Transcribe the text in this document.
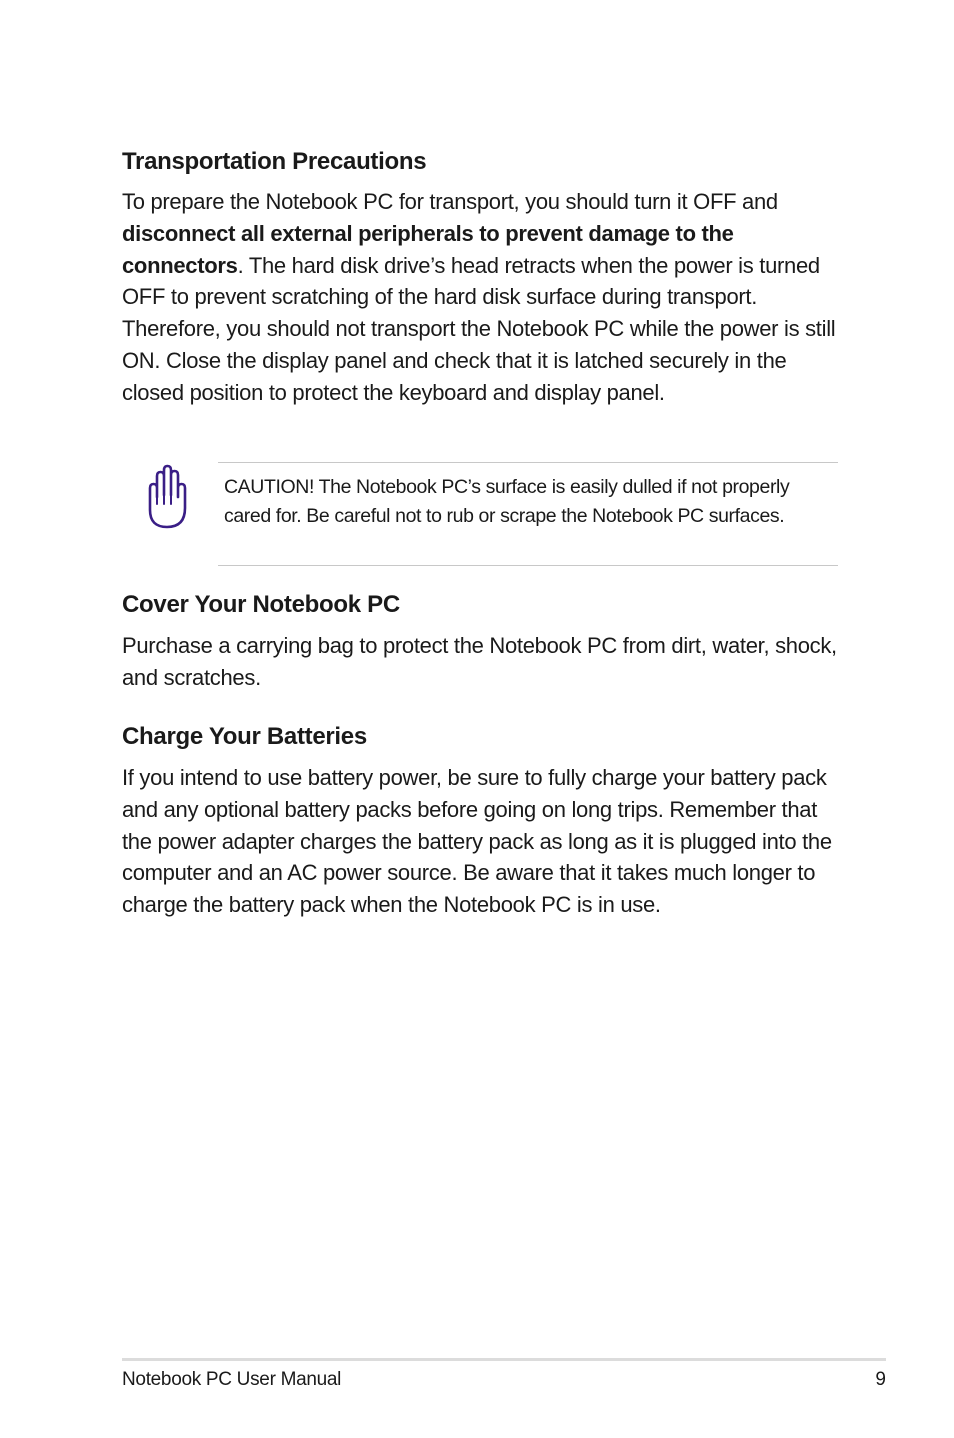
Transportation Precautions

To prepare the Notebook PC for transport, you should turn it OFF and disconnect all external peripherals to prevent damage to the connectors. The hard disk drive’s head retracts when the power is turned OFF to prevent scratching of the hard disk surface during transport. Therefore, you should not transport the Notebook PC while the power is still ON. Close the display panel and check that it is latched securely in the closed position to protect the keyboard and display panel.

CAUTION! The Notebook PC’s surface is easily dulled if not properly cared for. Be careful not to rub or scrape the Notebook PC surfaces.

Cover Your Notebook PC

Purchase a carrying bag to protect the Notebook PC from dirt, water, shock, and scratches.

Charge Your Batteries

If you intend to use battery power, be sure to fully charge your battery pack and any optional battery packs before going on long trips. Remember that the power adapter charges the battery pack as long as it is plugged into the computer and an AC power source. Be aware that it takes much longer to charge the battery pack when the Notebook PC is in use.

Notebook PC User Manual	9
